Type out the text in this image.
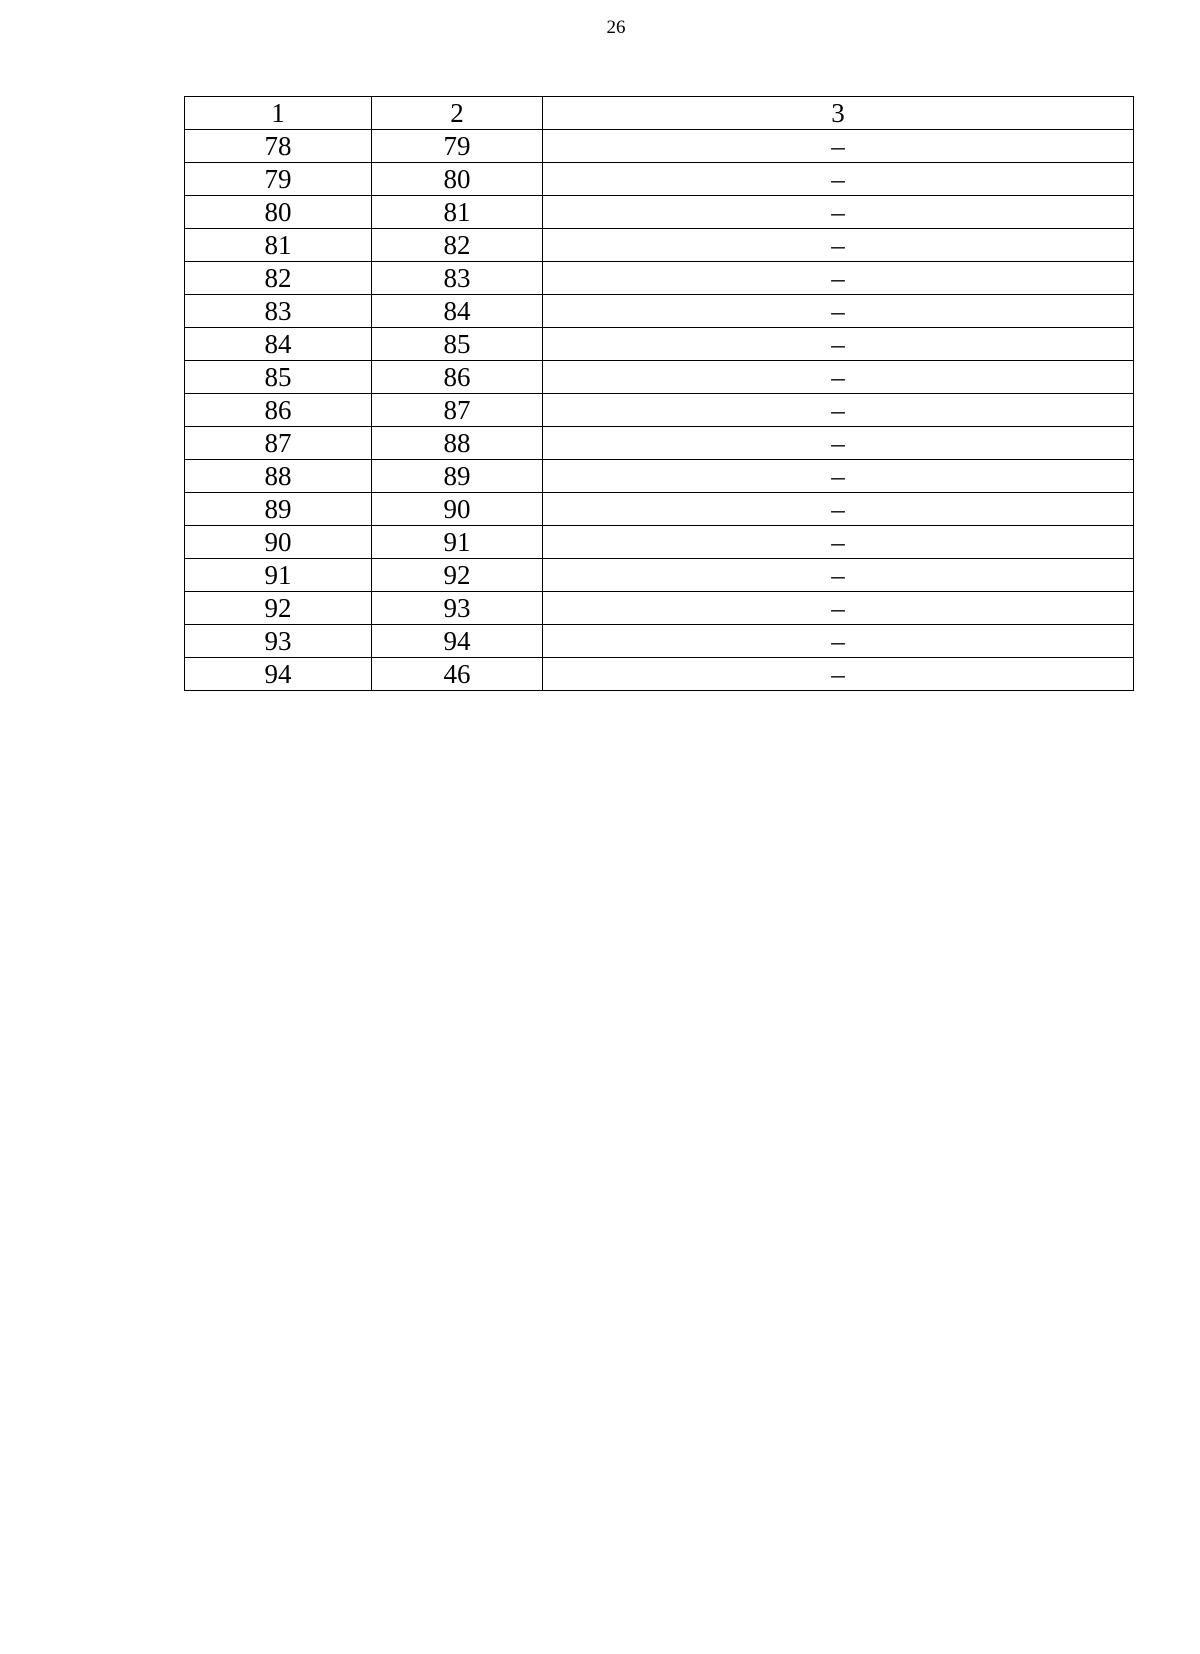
26
1	2	3
78	79	–
79	80	–
80	81	–
81	82	–
82	83	–
83	84	–
84	85	–
85	86	–
86	87	–
87	88	–
88	89	–
89	90	–
90	91	–
91	92	–
92	93	–
93	94	–
94	46	–
